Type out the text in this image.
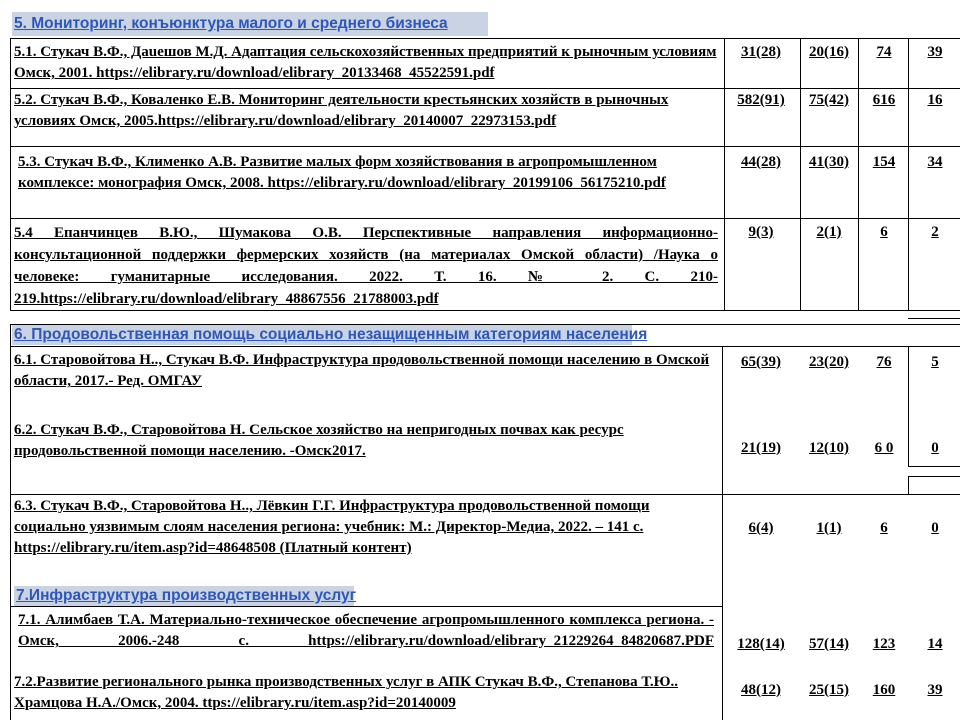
5. Мониторинг, конъюнктура малого и среднего бизнеса

5.1. Стукач В.Ф., Даueшов М.Д. Адаптация сельскохозяйственных предприятий к рыночным условиям Омск, 2001. https://elibrary.ru/download/elibrary_20133468_45522591.pdf

31(28)	20(16)	74	39

5.2. Стукач В.Ф., Коваленко Е.В. Мониторинг деятельности крестьянских хозяйств в рыночных условиях Омск, 2005.https://elibrary.ru/download/elibrary_20140007_22973153.pdf

582(91)	75(42)	616	16

5.3. Стукач В.Ф., Клименко А.В. Развитие малых форм хозяйствования в агропромышленном комплексе: монография Омск, 2008. https://elibrary.ru/download/elibrary_20199106_56175210.pdf

44(28)	41(30)	154	34

5.4 Епанчинцев В.Ю., Шумакова О.В. Перспективные направления информационно-консультационной поддержки фермерских хозяйств (на материалах Омской области) /Наука о человеке: гуманитарные исследования. 2022. Т. 16. № 2. С. 210-219.https://elibrary.ru/download/elibrary_48867556_21788003.pdf

9(3)	2(1)	6	2
6. Продовольственная помощь социально незащищенным категориям населения

6.1. Старовойтова Н.., Стукач В.Ф. Инфраструктура продовольственной помощи населению в Омской области, 2017.- Ред. ОМГАУ

65(39)	23(20)	76	5

6.2. Стукач В.Ф., Старовойтова Н. Сельское хозяйство на непригодных почвах как ресурс продовольственной помощи населению. -Омск2017.	21(19)	12(10)	6 0	0

6.3. Стукач В.Ф., Старовойтова Н.., Лёвкин Г.Г. Инфраструктура продовольственной помощи социально уязвимым слоям населения региона: учебник: М.: Директор-Медиа, 2022. – 141 с. https://elibrary.ru/item.asp?id=48648508 (Платный контент)

6(4)	1(1)	6	0
7.Инфраструктура производственных услуг

7.1. Алимбаев Т.А. Материально-техническое обеспечение агропромышленного комплекса региона. - Омск, 2006.-248 с. https://elibrary.ru/download/elibrary_21229264_84820687.PDF	128(14)	57(14)	123	14

7.2.Развитие регионального рынка производственных услуг в АПК Стукач В.Ф., Степанова Т.Ю.. Храмцова Н.А./Омск, 2004. ttps://elibrary.ru/item.asp?id=20140009

48(12)	25(15)	160	39
